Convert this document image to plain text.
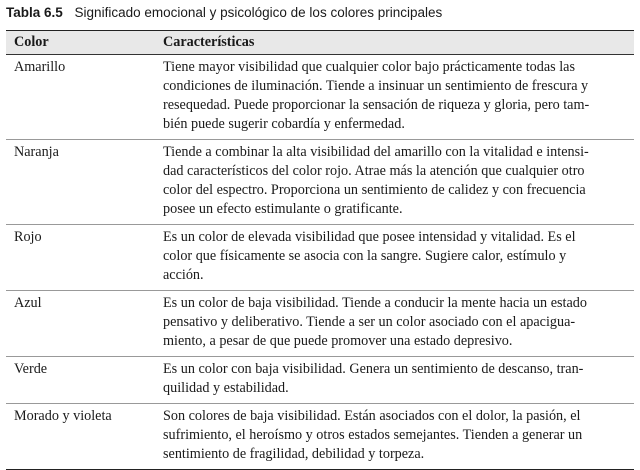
Tabla 6.5 Significado emocional y psicológico de los colores principales
Color	Características
Amarillo	Tiene mayor visibilidad que cualquier color bajo prácticamente todas las
condiciones de iluminación. Tiende a insinuar un sentimiento de frescura y
resequedad. Puede proporcionar la sensación de riqueza y gloria, pero tam-
bién puede sugerir cobardía y enfermedad.
Naranja	Tiende a combinar la alta visibilidad del amarillo con la vitalidad e intensi-
dad característicos del color rojo. Atrae más la atención que cualquier otro
color del espectro. Proporciona un sentimiento de calidez y con frecuencia
posee un efecto estimulante o gratificante.
Rojo	Es un color de elevada visibilidad que posee intensidad y vitalidad. Es el
color que físicamente se asocia con la sangre. Sugiere calor, estímulo y
acción.
Azul	Es un color de baja visibilidad. Tiende a conducir la mente hacia un estado
pensativo y deliberativo. Tiende a ser un color asociado con el apaciguа-
miento, a pesar de que puede promover una estado depresivo.
Verde	Es un color con baja visibilidad. Genera un sentimiento de descanso, tran-
quilidad y estabilidad.
Morado y violeta	Son colores de baja visibilidad. Están asociados con el dolor, la pasión, el
sufrimiento, el heroísmo y otros estados semejantes. Tienden a generar un
sentimiento de fragilidad, debilidad y torpeza.
